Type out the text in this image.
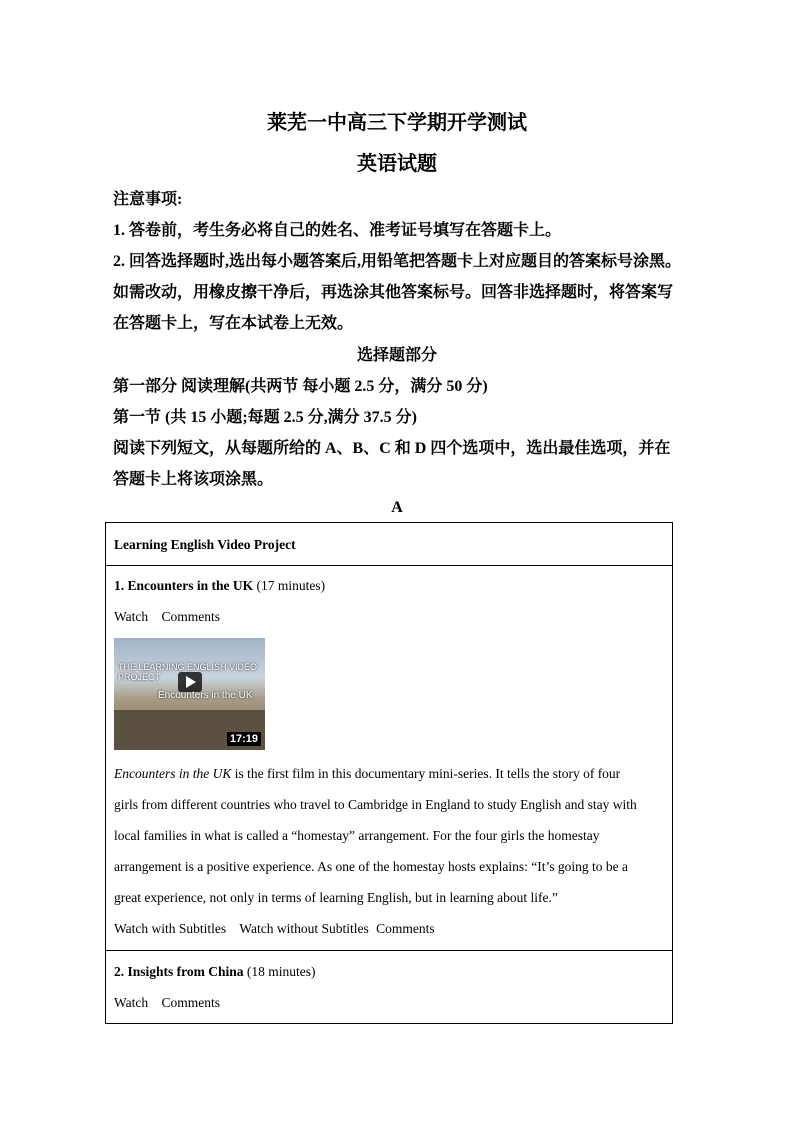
莱芜一中高三下学期开学测试
英语试题
注意事项:
1. 答卷前，考生务必将自己的姓名、准考证号填写在答题卡上。
2. 回答选择题时,选出每小题答案后,用铅笔把答题卡上对应题目的答案标号涂黑。
如需改动，用橡皮擦干净后，再选涂其他答案标号。回答非选择题时，将答案写
在答题卡上，写在本试卷上无效。
选择题部分
第一部分 阅读理解(共两节 每小题 2.5 分，满分 50 分)
第一节 (共 15 小题;每题 2.5 分,满分 37.5 分)
阅读下列短文，从每题所给的 A、B、C 和 D 四个选项中，选出最佳选项，并在
答题卡上将该项涂黑。
A
Learning English Video Project
1. Encounters in the UK (17 minutes)
Watch Comments
THE LEARNING ENGLISH VIDEO PROJECT
Encounters in the UK
17:19
Encounters in the UK is the first film in this documentary mini-series. It tells the story of four
girls from different countries who travel to Cambridge in England to study English and stay with
local families in what is called a “homestay” arrangement. For the four girls the homestay
arrangement is a positive experience. As one of the homestay hosts explains: “It’s going to be a
great experience, not only in terms of learning English, but in learning about life.”
Watch with Subtitles Watch without Subtitles Comments
2. Insights from China (18 minutes)
Watch Comments
